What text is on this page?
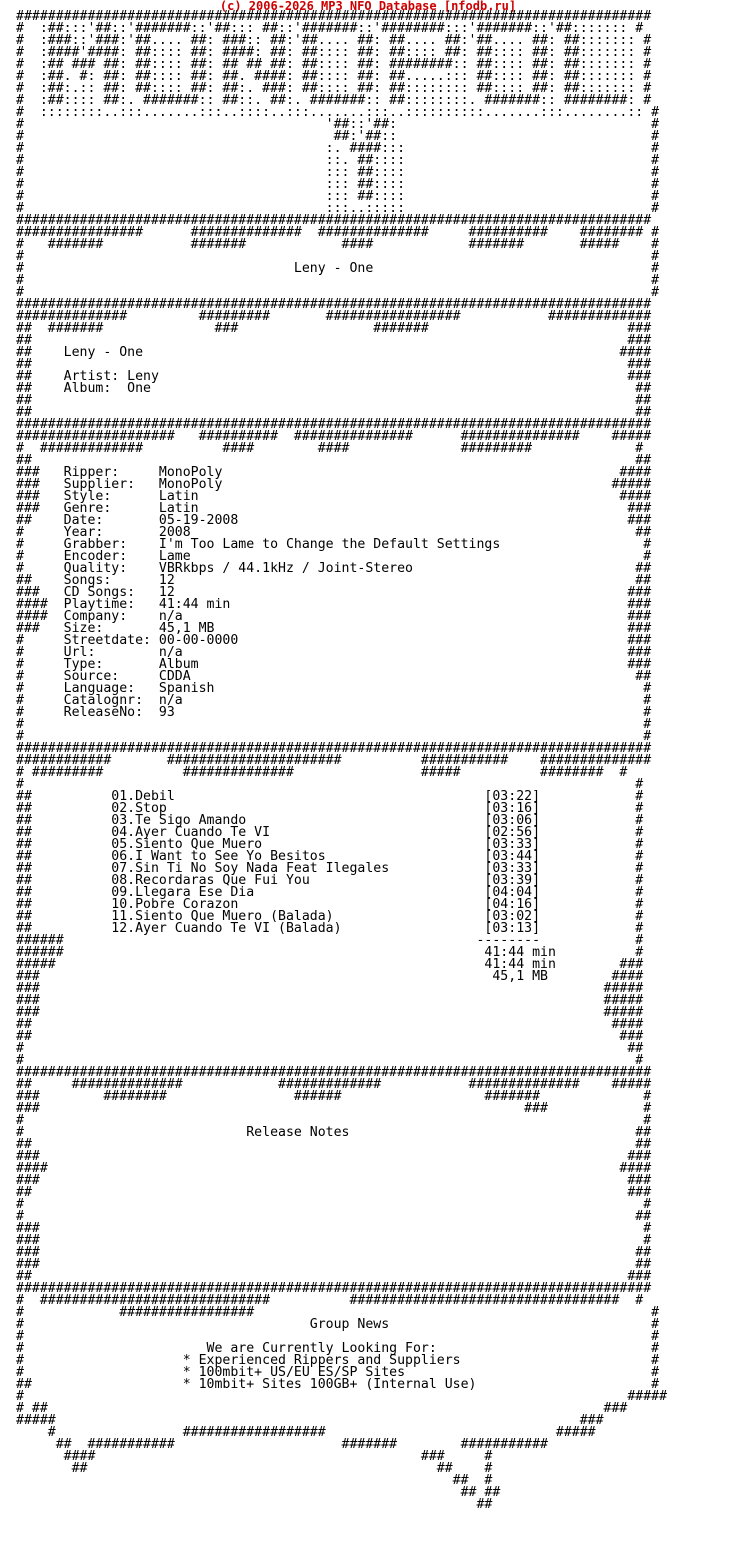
(c) 2006-2026 MP3 NFO Database [nfodb.ru]
################################################################################
#  :##:::'##::'#######::'##::: ##::'#######::'########:::'#######::'##::::::: #
#  :###::'###:'##.... ##: ###:: ##:'##.... ##: ##.... ##:'##.... ##: ##::::::: #
#  :####'####: ##:::: ##: ####: ##: ##:::: ##: ##:::: ##: ##:::: ##: ##::::::: #
#  :## ### ##: ##:::: ##: ## ## ##: ##:::: ##: ########:: ##:::: ##: ##::::::: #
#  :##. #: ##: ##:::: ##: ##. ####: ##:::: ##: ##.....::: ##:::: ##: ##::::::: #
#  :##:.:: ##: ##:::: ##: ##:. ###: ##:::: ##: ##:::::::: ##:::: ##: ##::::::: #
#  :##:::: ##:. #######:: ##::. ##:. #######:: ##::::::::. #######:: ########: #
#  ::::::::..:::.......:::..::::..:::.......:::..::::::::::.......:::........:: #
#                                      '##::'##:                                #
#                                       ##:'##::                                #
#                                      :. ####:::                               #
#                                      ::. ##::::                               #
#                                      ::: ##::::                               #
#                                      ::: ##::::                               #
#                                      ::: ##::::                               #
#                                      :::..:::::                               #
################################################################################
################      ##############  ##############     ##########    ######## #
#   #######           #######            ####            #######       #####    #
#                                                                               #
#                                  Leny - One                                   #
#                                                                               #
#                                                                               #
################################################################################
##############         #########       #################           #############
##  #######              ###                 #######                         ###
##                                                                           ###
##    Leny - One                                                            ####
##                                                                           ###
##    Artist: Leny                                                           ###
##    Album:  One                                                             ##
##                                                                            ##
##                                                                            ##
################################################################################
####################   ##########  ###############      ###############    #####
#  #############          ####        ####              #########             #
##                                                                            ##
###   Ripper:     MonoPoly                                                  ####
###   Supplier:   MonoPoly                                                 #####
###   Style:      Latin                                                     ####
###   Genre:      Latin                                                      ###
##    Date:       05-19-2008                                                 ###
#     Year:       2008                                                        ##
#     Grabber:    I'm Too Lame to Change the Default Settings                  #
#     Encoder:    Lame                                                         #
#     Quality:    VBRkbps / 44.1kHz / Joint-Stereo                            ##
##    Songs:      12                                                          ##
###   CD Songs:   12                                                         ###
####  Playtime:   41:44 min                                                  ###
####  Company:    n/a                                                        ###
###   Size:       45,1 MB                                                    ###
#     Streetdate: 00-00-0000                                                 ###
#     Url:        n/a                                                        ###
#     Type:       Album                                                      ###
#     Source:     CDDA                                                        ##
#     Language:   Spanish                                                      #
#     Catalognr:  n/a                                                          #
#     ReleaseNo:  93                                                           #
#                                                                              #
#                                                                              #
################################################################################
############       ######################          ###########    ##############
# #########          ##############                #####          ########  #
#                                                                             #
##          01.Debil                                       [03:22]            #
##          02.Stop                                        [03:16]            #
##          03.Te Sigo Amando                              [03:06]            #
##          04.Ayer Cuando Te VI                           [02:56]            #
##          05.Siento Que Muero                            [03:33]            #
##          06.I Want to See Yo Besitos                    [03:44]            #
##          07.Sin Ti No Soy Nada Feat Ilegales            [03:33]            #
##          08.Recordaras Que Fui You                      [03:39]            #
##          09.Llegara Ese Dia                             [04:04]            #
##          10.Pobre Corazon                               [04:16]            #
##          11.Siento Que Muero (Balada)                   [03:02]            #
##          12.Ayer Cuando Te VI (Balada)                  [03:13]            #
######                                                    --------            #
######                                                     41:44 min          #
#####                                                      41:44 min        ###
###                                                         45,1 MB        ####
###                                                                       #####
###                                                                       #####
###                                                                       #####
##                                                                         ####
##                                                                          ###
#                                                                            ##
#                                                                             #
################################################################################
##     ##############            #############           ##############    #####
###        ########                ######                  #######             #
###                                                             ###            #
#                                                                              #
#                            Release Notes                                    ##
##                                                                            ##
###                                                                          ###
####                                                                        ####
###                                                                          ###
##                                                                           ###
#                                                                              #
#                                                                             ##
###                                                                            #
###                                                                            #
###                                                                           ##
###                                                                           ##
##                                                                           ###
################################################################################
#  #############################          ##################################  #
#            #################                                                  #
#                                    Group News                                 #
#                                                                               #
#                       We are Currently Looking For:                           #
#                    * Experienced Rippers and Suppliers                        #
#                    * 100mbit+ US/EU ES/SP Sites                               #
##                   * 10mbit+ Sites 100GB+ (Internal Use)                      #
#                                                                            #####
# ##                                                                      ###
#####                                                                  ###
#                ##################                             #####
##  ###########                     #######        ###########
####                                         ###     #
##                                            ##    #
##  #
## ##
##
